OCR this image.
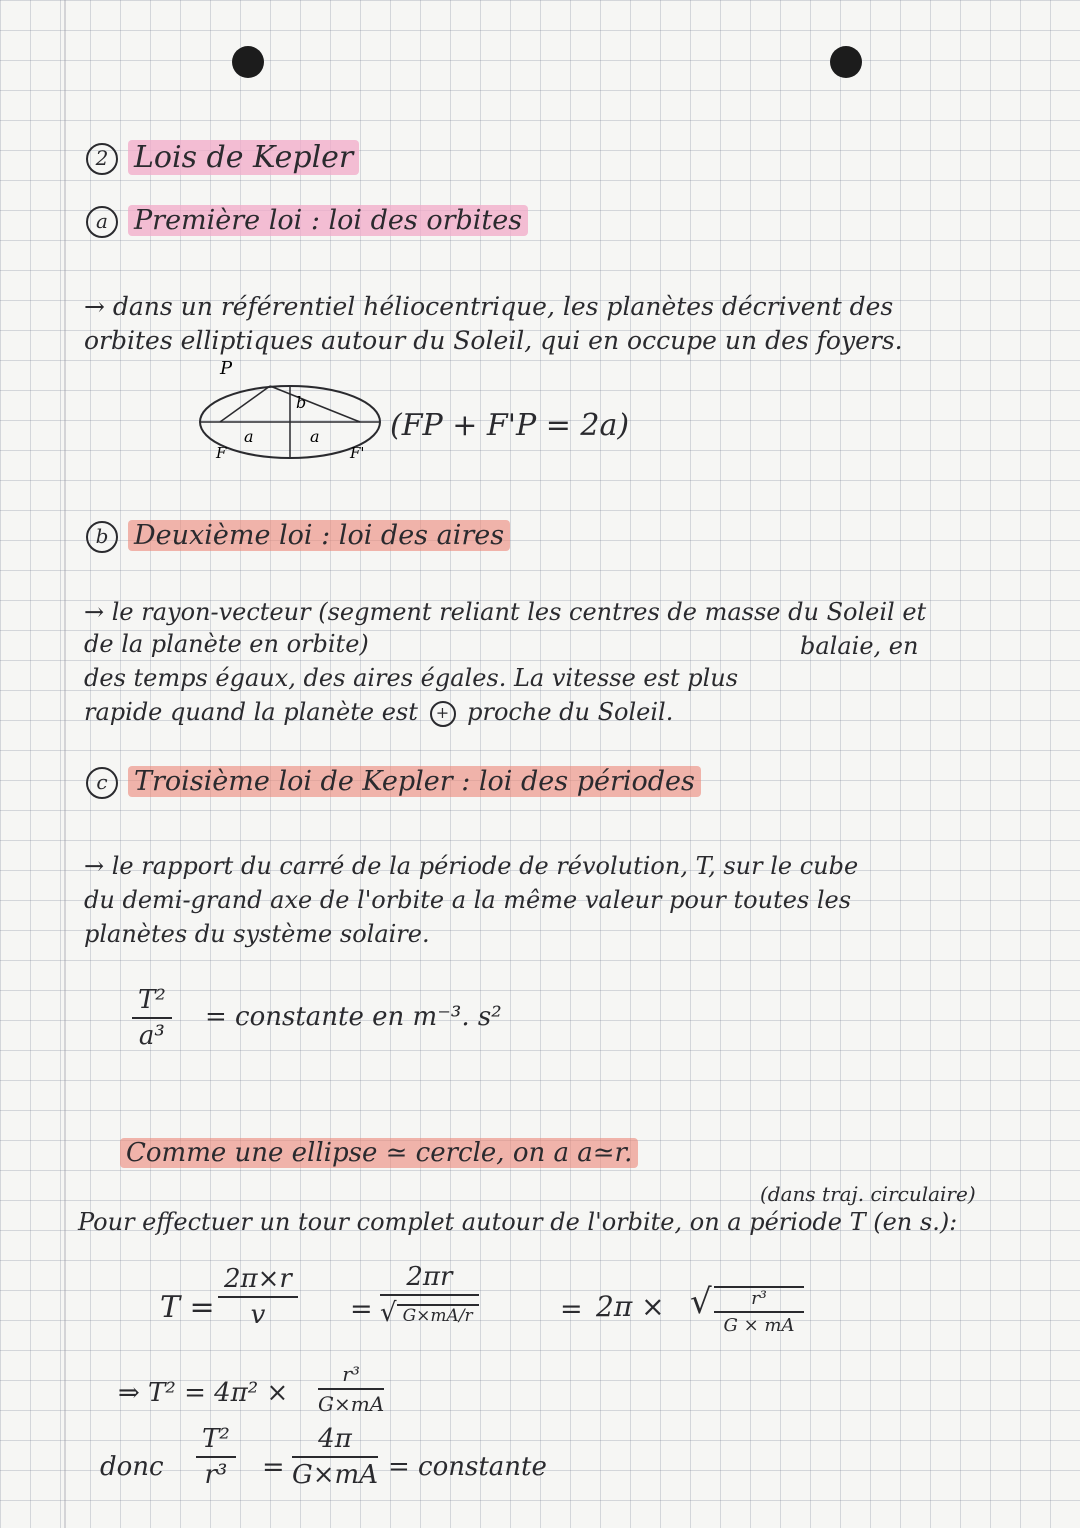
2 Lois de Kepler
a Première loi : loi des orbites
→ dans un référentiel héliocentrique, les planètes décrivent des
orbites elliptiques autour du Soleil, qui en occupe un des foyers.
P
b
a	a
F	F'
(FP + F'P = 2a)
b Deuxième loi : loi des aires
→ le rayon-vecteur (segment reliant les centres de masse du Soleil et
de la planète en orbite)	balaie, en
des temps égaux, des aires égales. La vitesse est plus
rapide quand la planète est + proche du Soleil.
c Troisième loi de Kepler : loi des périodes
→ le rapport du carré de la période de révolution, T, sur le cube
du demi-grand axe de l'orbite a la même valeur pour toutes les
planètes du système solaire.
$\frac{\text{T²}}{\text{a³}}$ = constante en m⁻³. s²
Comme une ellipse ≃ cercle, on a a≃r.
(dans traj. circulaire)
Pour effectuer un tour complet autour de l'orbite, on a période T (en s.):
$T = \frac{2\pi\times r}{v} = \frac{2\pi r}{√ G\times mA/r}$	= 2π × √	r³
G × mA
⇒ $T^2 = 4\pi^2 \times \frac{\text{r³}}{G\times mA}$
donc $\frac{\text{T²}}{\text{r³}} = \frac{4\pi}{G\times mA}$ = constante
